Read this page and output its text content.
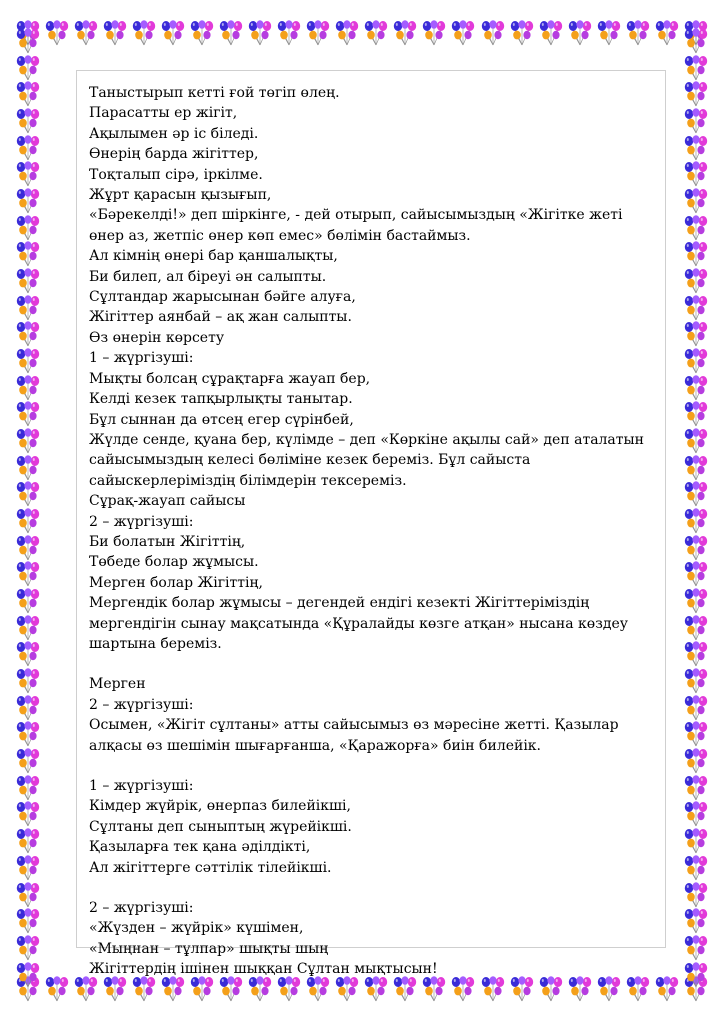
Таныстырып кетті ғой төгіп өлең.

Парасатты ер жігіт,

Ақылымен әр іс біледі.

Өнерің барда жігіттер,

Тоқталып сірә, іркілме.

Жұрт қарасын қызығып,

«Бәрекелді!» деп шіркінге, - дей отырып, сайысымыздың «Жігітке жеті өнер аз, жетпіс өнер көп емес» бөлімін бастаймыз.

Ал кімнің өнері бар қаншалықты,

Би билеп, ал біреуі ән салыпты.

Сұлтандар жарысынан бәйге алуға,

Жігіттер аянбай – ақ жан салыпты.

Өз өнерін көрсету

1 – жүргізуші:

Мықты болсаң сұрақтарға жауап бер,

Келді кезек тапқырлықты танытар.

Бұл сыннан да өтсең егер сүрінбей,

Жүлде сенде, қуана бер, күлімде – деп «Көркіне ақылы сай» деп аталатын сайысымыздың келесі бөлiміне кезек береміз. Бұл сайыста сайыскерлеріміздің білімдерін тексереміз.

Сұрақ-жауап сайысы

2 – жүргізуші:

Би болатын Жігіттің,

Төбеде болар жұмысы.

Мерген болар Жігіттің,

Мергендік болар жұмысы – дегендей ендігі кезекті Жігіттеріміздің мергендігін сынау мақсатында «Құралайды көзге атқан» нысана көздеу шартына береміз.

Мерген

2 – жүргізуші:

Осымен, «Жігіт сұлтаны» атты сайысымыз өз мәресіне жетті. Қазылар алқасы өз шешімін шығарғанша, «Қаражорға» биін билейік.

1 – жүргізуші:

Кімдер жүйрік, өнерпаз билейікші,

Сұлтаны деп сыныптың жүрейікші.

Қазыларға тек қана әділдікті,

Ал жігіттерге сәттілік тілейікші.

2 – жүргізуші:

«Жүзден – жүйрік» күшімен,

«Мыңнан – тұлпар» шықты шың

Жігіттердің ішінен шыққан Сұлтан мықтысын!
